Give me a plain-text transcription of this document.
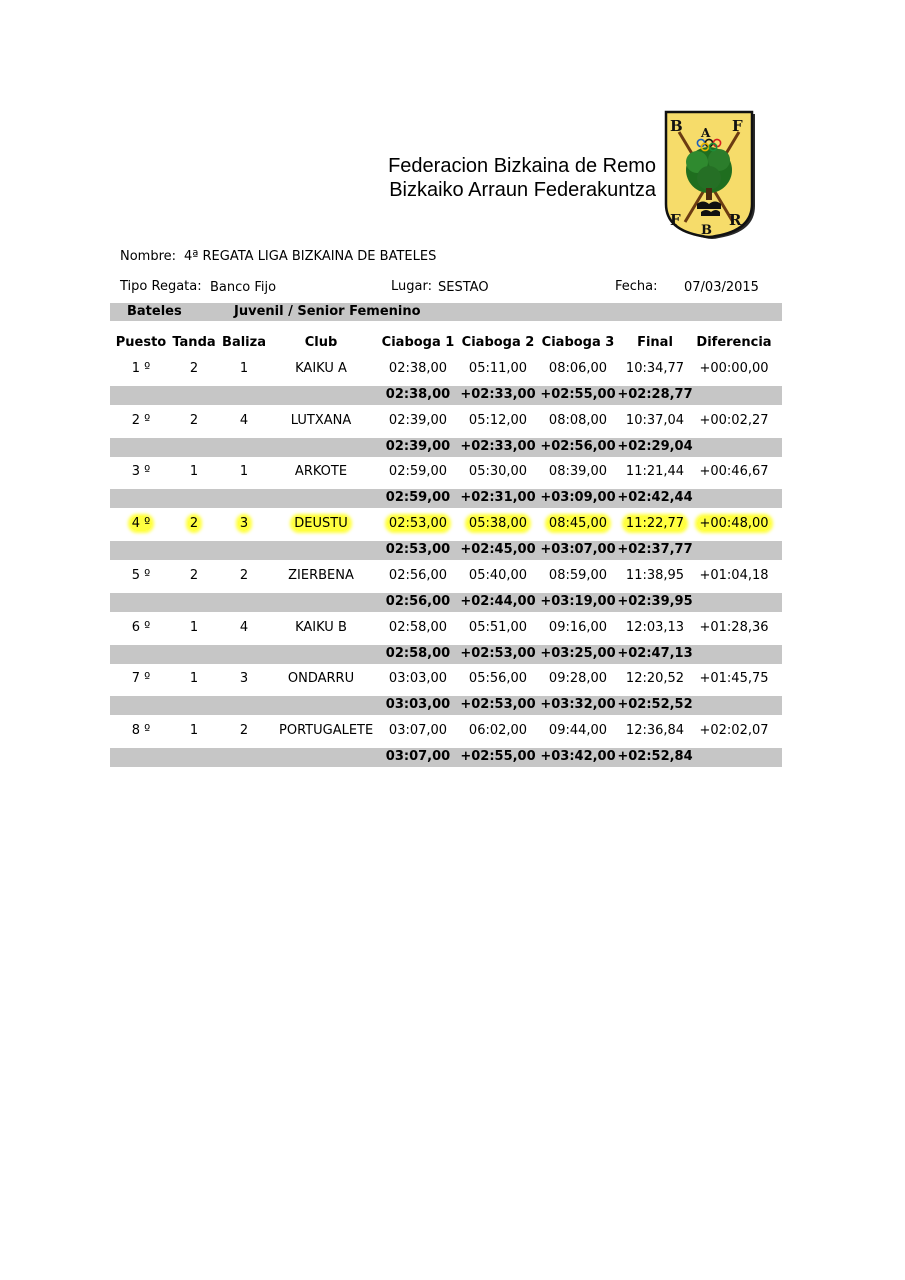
Federacion Bizkaina de Remo
Bizkaiko Arraun Federakuntza
B A F
F
B
R
Nombre: 4ª REGATA LIGA BIZKAINA DE BATELES
Tipo Regata: Banco Fijo	Lugar: SESTAO	Fecha: 07/03/2015
Bateles	Juvenil / Senior Femenino
Puesto Tanda Baliza	Club	Ciaboga 1 Ciaboga 2 Ciaboga 3	Final	Diferencia
1 º	2	1	KAIKU A	02:38,00	05:11,00	08:06,00	10:34,77	+00:00,00
02:38,00 +02:33,00 +02:55,00 +02:28,77
2 º	2	4	LUTXANA	02:39,00	05:12,00	08:08,00	10:37,04	+00:02,27
02:39,00 +02:33,00 +02:56,00 +02:29,04
3 º	1	1	ARKOTE	02:59,00	05:30,00	08:39,00	11:21,44	+00:46,67
02:59,00 +02:31,00 +03:09,00 +02:42,44
4 º	2	3	DEUSTU	02:53,00	05:38,00	08:45,00	11:22,77	+00:48,00
02:53,00 +02:45,00 +03:07,00 +02:37,77
5 º	2	2	ZIERBENA	02:56,00	05:40,00	08:59,00	11:38,95	+01:04,18
02:56,00 +02:44,00 +03:19,00 +02:39,95
6 º	1	4	KAIKU B	02:58,00	05:51,00	09:16,00	12:03,13	+01:28,36
02:58,00 +02:53,00 +03:25,00 +02:47,13
7 º	1	3	ONDARRU	03:03,00	05:56,00	09:28,00	12:20,52	+01:45,75
03:03,00 +02:53,00 +03:32,00 +02:52,52
8 º	1	2	PORTUGALETE	03:07,00	06:02,00	09:44,00	12:36,84	+02:02,07
03:07,00 +02:55,00 +03:42,00 +02:52,84
